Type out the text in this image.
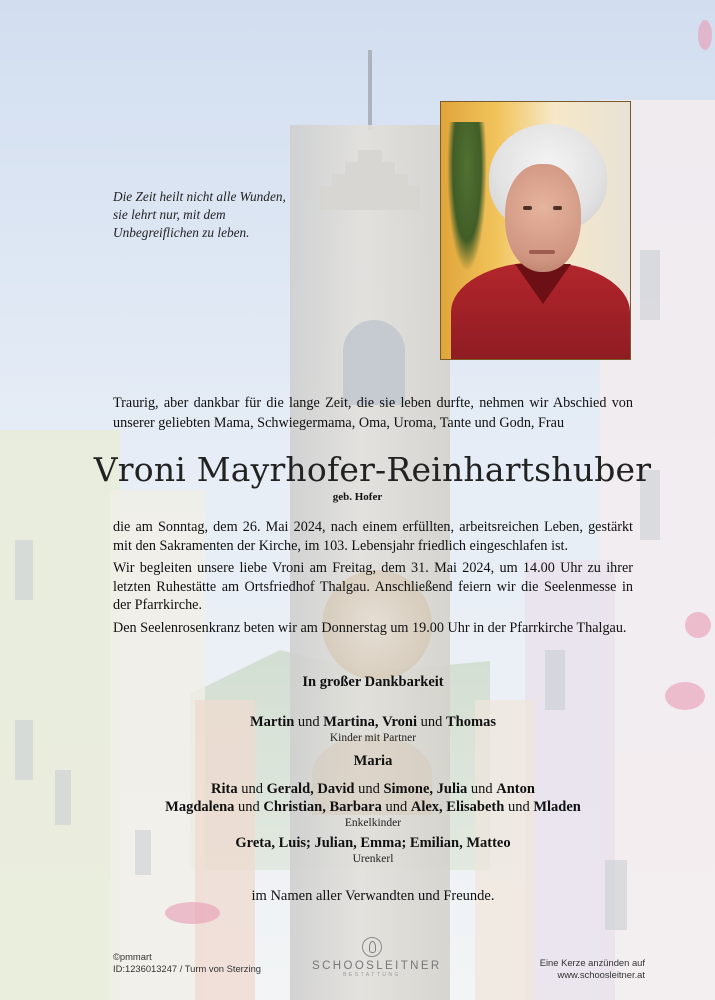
Die Zeit heilt nicht alle Wunden,
sie lehrt nur, mit dem
Unbegreiflichen zu leben.
Traurig, aber dankbar für die lange Zeit, die sie leben durfte, nehmen wir Abschied von unserer geliebten Mama, Schwiegermama, Oma, Uroma, Tante und Godn, Frau
Vroni Mayrhofer-Reinhartshuber
geb. Hofer

die am Sonntag, dem 26. Mai 2024, nach einem erfüllten, arbeitsreichen Leben, gestärkt mit den Sakramenten der Kirche, im 103. Lebensjahr friedlich eingeschlafen ist.

Wir begleiten unsere liebe Vroni am Freitag, dem 31. Mai 2024, um 14.00 Uhr zu ihrer letzten Ruhestätte am Ortsfriedhof Thalgau. Anschließend feiern wir die Seelenmesse in der Pfarrkirche.

Den Seelenrosenkranz beten wir am Donnerstag um 19.00 Uhr in der Pfarrkirche Thalgau.

In großer Dankbarkeit
Martin und Martina, Vroni und Thomas
Kinder mit Partner
Maria
Rita und Gerald, David und Simone, Julia und Anton
Magdalena und Christian, Barbara und Alex, Elisabeth und Mladen
Enkelkinder
Greta, Luis; Julian, Emma; Emilian, Matteo
Urenkerl
im Namen aller Verwandten und Freunde.
©pmmart
ID:1236013247 / Turm von Sterzing	SCHOOSLEITNER
BESTATTUNG
Eine Kerze anzünden auf
www.schoosleitner.at
